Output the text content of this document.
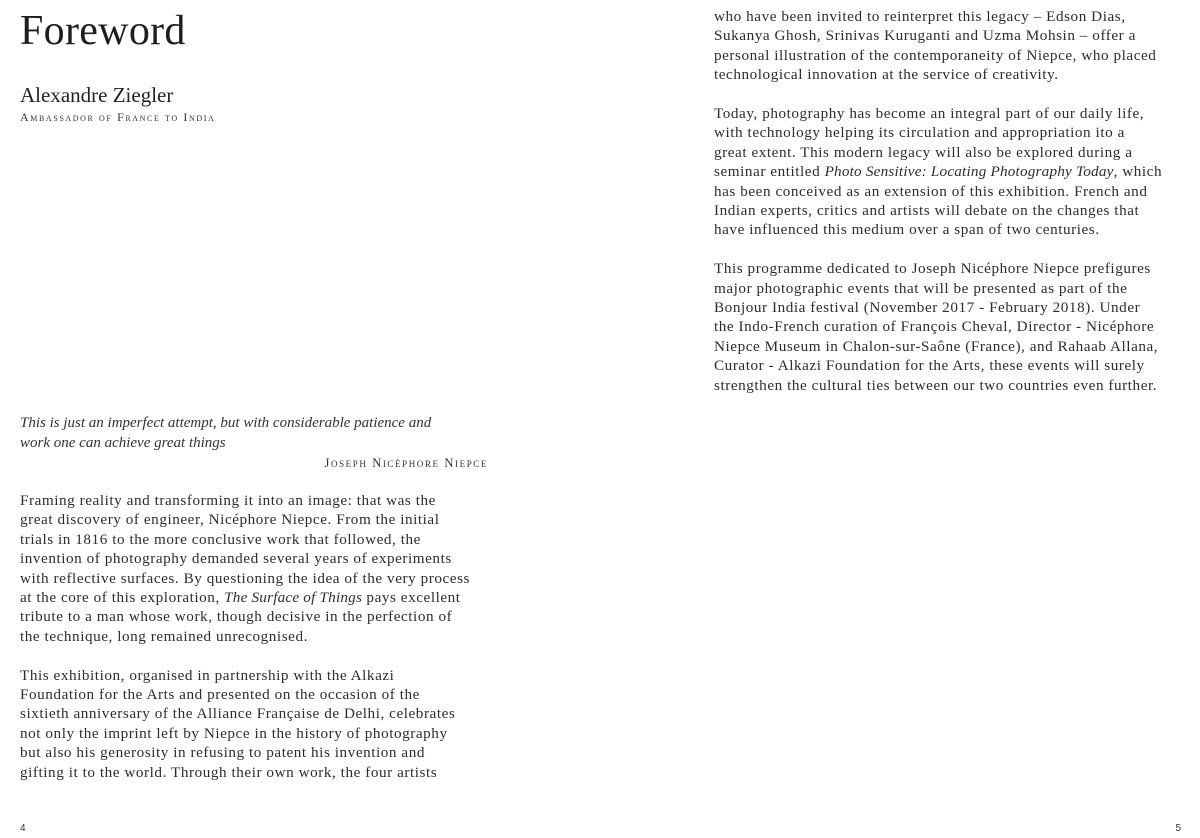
Foreword
Alexandre Ziegler
Ambassador of France to India

This is just an imperfect attempt, but with considerable patience and
work one can achieve great things

Joseph Nicéphore Niepce

Framing reality and transforming it into an image: that was the
great discovery of engineer, Nicéphore Niepce. From the initial
trials in 1816 to the more conclusive work that followed, the
invention of photography demanded several years of experiments
with reflective surfaces. By questioning the idea of the very process
at the core of this exploration, The Surface of Things pays excellent
tribute to a man whose work, though decisive in the perfection of
the technique, long remained unrecognised.

This exhibition, organised in partnership with the Alkazi
Foundation for the Arts and presented on the occasion of the
sixtieth anniversary of the Alliance Française de Delhi, celebrates
not only the imprint left by Niepce in the history of photography
but also his generosity in refusing to patent his invention and
gifting it to the world. Through their own work, the four artists

4

who have been invited to reinterpret this legacy – Edson Dias,
Sukanya Ghosh, Srinivas Kuruganti and Uzma Mohsin – offer a
personal illustration of the contemporaneity of Niepce, who placed
technological innovation at the service of creativity.

Today, photography has become an integral part of our daily life,
with technology helping its circulation and appropriation ito a
great extent. This modern legacy will also be explored during a
seminar entitled Photo Sensitive: Locating Photography Today, which
has been conceived as an extension of this exhibition. French and
Indian experts, critics and artists will debate on the changes that
have influenced this medium over a span of two centuries.

This programme dedicated to Joseph Nicéphore Niepce prefigures
major photographic events that will be presented as part of the
Bonjour India festival (November 2017 - February 2018). Under
the Indo-French curation of François Cheval, Director - Nicéphore
Niepce Museum in Chalon-sur-Saône (France), and Rahaab Allana,
Curator - Alkazi Foundation for the Arts, these events will surely
strengthen the cultural ties between our two countries even further.

5
